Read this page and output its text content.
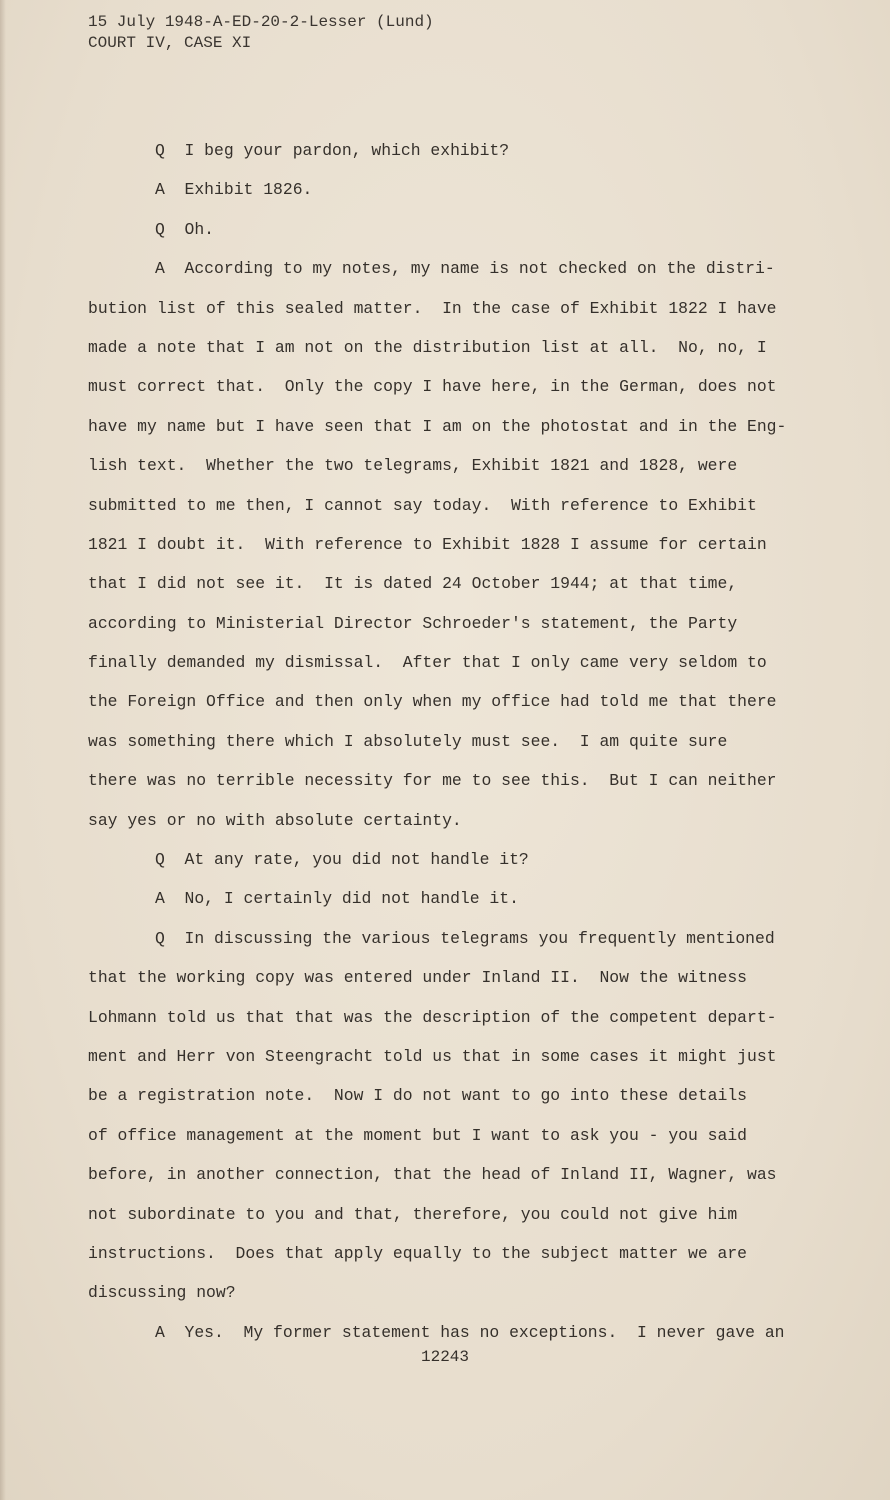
15 July 1948-A-ED-20-2-Lesser (Lund)
COURT IV, CASE XI
Q  I beg your pardon, which exhibit?
A  Exhibit 1826.
Q  Oh.
A  According to my notes, my name is not checked on the distri-
bution list of this sealed matter.  In the case of Exhibit 1822 I have
made a note that I am not on the distribution list at all.  No, no, I
must correct that.  Only the copy I have here, in the German, does not
have my name but I have seen that I am on the photostat and in the Eng-
lish text.  Whether the two telegrams, Exhibit 1821 and 1828, were
submitted to me then, I cannot say today.  With reference to Exhibit
1821 I doubt it.  With reference to Exhibit 1828 I assume for certain
that I did not see it.  It is dated 24 October 1944; at that time,
according to Ministerial Director Schroeder's statement, the Party
finally demanded my dismissal.  After that I only came very seldom to
the Foreign Office and then only when my office had told me that there
was something there which I absolutely must see.  I am quite sure
there was no terrible necessity for me to see this.  But I can neither
say yes or no with absolute certainty.
Q  At any rate, you did not handle it?
A  No, I certainly did not handle it.
Q  In discussing the various telegrams you frequently mentioned
that the working copy was entered under Inland II.  Now the witness
Lohmann told us that that was the description of the competent depart-
ment and Herr von Steengracht told us that in some cases it might just
be a registration note.  Now I do not want to go into these details
of office management at the moment but I want to ask you - you said
before, in another connection, that the head of Inland II, Wagner, was
not subordinate to you and that, therefore, you could not give him
instructions.  Does that apply equally to the subject matter we are
discussing now?
A  Yes.  My former statement has no exceptions.  I never gave an
12243
